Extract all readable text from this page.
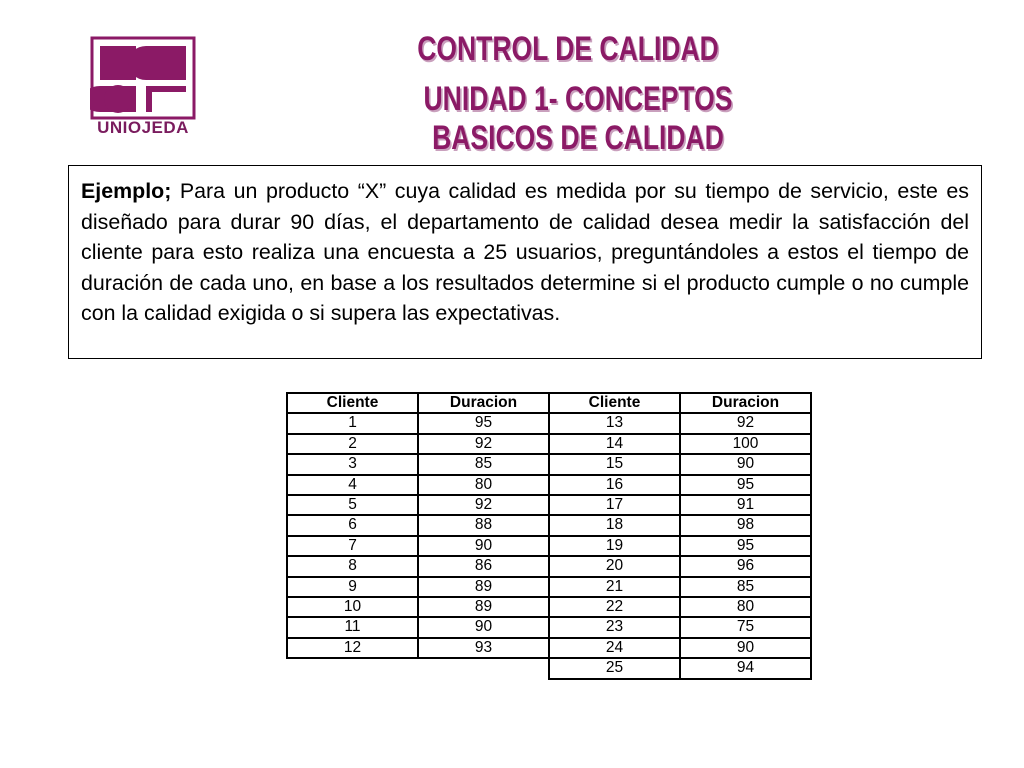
UNIOJEDA
CONTROL DE CALIDAD
UNIDAD 1- CONCEPTOS BASICOS DE CALIDAD
Ejemplo; Para un producto “X” cuya calidad es medida por su tiempo de servicio, este es diseñado para durar 90 días, el departamento de calidad desea medir la satisfacción del cliente para esto realiza una encuesta a 25 usuarios, preguntándoles a estos el tiempo de duración de cada uno, en base a los resultados determine si el producto cumple o no cumple con la calidad exigida o si supera las expectativas.
Cliente	Duracion	Cliente	Duracion
1	95	13	92
2	92	14	100
3	85	15	90
4	80	16	95
5	92	17	91
6	88	18	98
7	90	19	95
8	86	20	96
9	89	21	85
10	89	22	80
11	90	23	75
12	93	24	90
		25	94
